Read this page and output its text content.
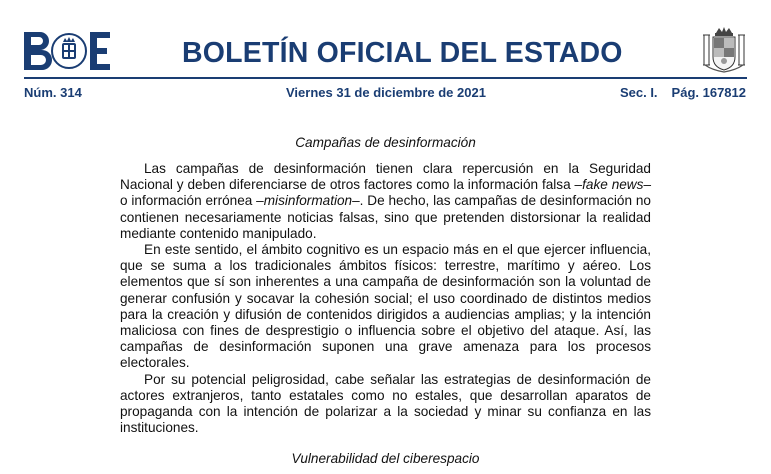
BOLETÍN OFICIAL DEL ESTADO
Núm. 314	Viernes 31 de diciembre de 2021	Sec. I. Pág. 167812
Campañas de desinformación

Las campañas de desinformación tienen clara repercusión en la Seguridad Nacional y deben diferenciarse de otros factores como la información falsa –fake news– o información errónea –misinformation–. De hecho, las campañas de desinformación no contienen necesariamente noticias falsas, sino que pretenden distorsionar la realidad mediante contenido manipulado.

En este sentido, el ámbito cognitivo es un espacio más en el que ejercer influencia, que se suma a los tradicionales ámbitos físicos: terrestre, marítimo y aéreo. Los elementos que sí son inherentes a una campaña de desinformación son la voluntad de generar confusión y socavar la cohesión social; el uso coordinado de distintos medios para la creación y difusión de contenidos dirigidos a audiencias amplias; y la intención maliciosa con fines de desprestigio o influencia sobre el objetivo del ataque. Así, las campañas de desinformación suponen una grave amenaza para los procesos electorales.

Por su potencial peligrosidad, cabe señalar las estrategias de desinformación de actores extranjeros, tanto estatales como no estales, que desarrollan aparatos de propaganda con la intención de polarizar a la sociedad y minar su confianza en las instituciones.

Vulnerabilidad del ciberespacio
